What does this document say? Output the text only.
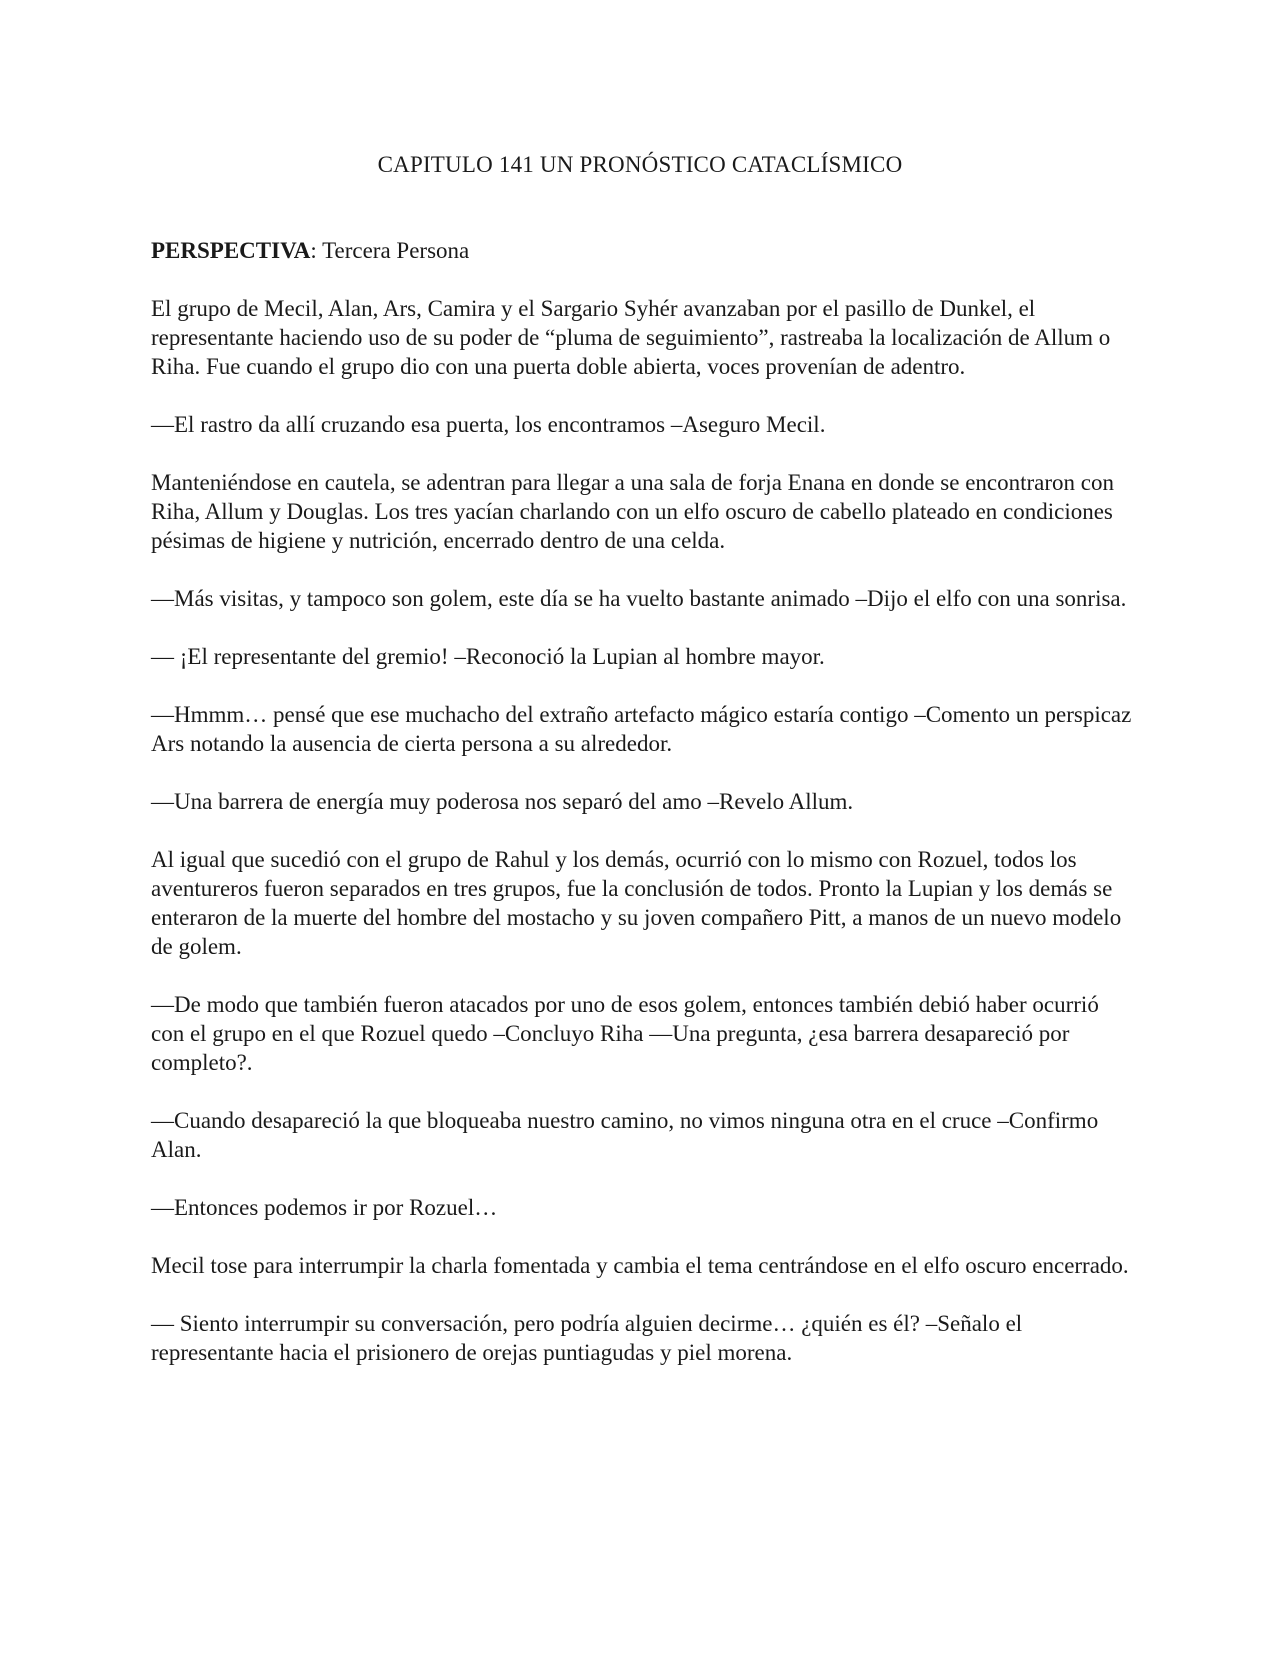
CAPITULO 141 UN PRONÓSTICO CATACLÍSMICO

PERSPECTIVA: Tercera Persona

El grupo de Mecil, Alan, Ars, Camira y el Sargario Syhér avanzaban por el pasillo de Dunkel, el representante haciendo uso de su poder de “pluma de seguimiento”, rastreaba la localización de Allum o Riha. Fue cuando el grupo dio con una puerta doble abierta, voces provenían de adentro.

—El rastro da allí cruzando esa puerta, los encontramos –Aseguro Mecil.

Manteniéndose en cautela, se adentran para llegar a una sala de forja Enana en donde se encontraron con Riha, Allum y Douglas. Los tres yacían charlando con un elfo oscuro de cabello plateado en condiciones pésimas de higiene y nutrición, encerrado dentro de una celda.

—Más visitas, y tampoco son golem, este día se ha vuelto bastante animado –Dijo el elfo con una sonrisa.

— ¡El representante del gremio! –Reconoció la Lupian al hombre mayor.

—Hmmm… pensé que ese muchacho del extraño artefacto mágico estaría contigo –Comento un perspicaz Ars notando la ausencia de cierta persona a su alrededor.

—Una barrera de energía muy poderosa nos separó del amo –Revelo Allum.

Al igual que sucedió con el grupo de Rahul y los demás, ocurrió con lo mismo con Rozuel, todos los aventureros fueron separados en tres grupos, fue la conclusión de todos. Pronto la Lupian y los demás se enteraron de la muerte del hombre del mostacho y su joven compañero Pitt, a manos de un nuevo modelo de golem.

—De modo que también fueron atacados por uno de esos golem, entonces también debió haber ocurrió con el grupo en el que Rozuel quedo –Concluyo Riha —Una pregunta, ¿esa barrera desapareció por completo?.

—Cuando desapareció la que bloqueaba nuestro camino, no vimos ninguna otra en el cruce –Confirmo Alan.

—Entonces podemos ir por Rozuel…

Mecil tose para interrumpir la charla fomentada y cambia el tema centrándose en el elfo oscuro encerrado.

— Siento interrumpir su conversación, pero podría alguien decirme… ¿quién es él? –Señalo el representante hacia el prisionero de orejas puntiagudas y piel morena.
